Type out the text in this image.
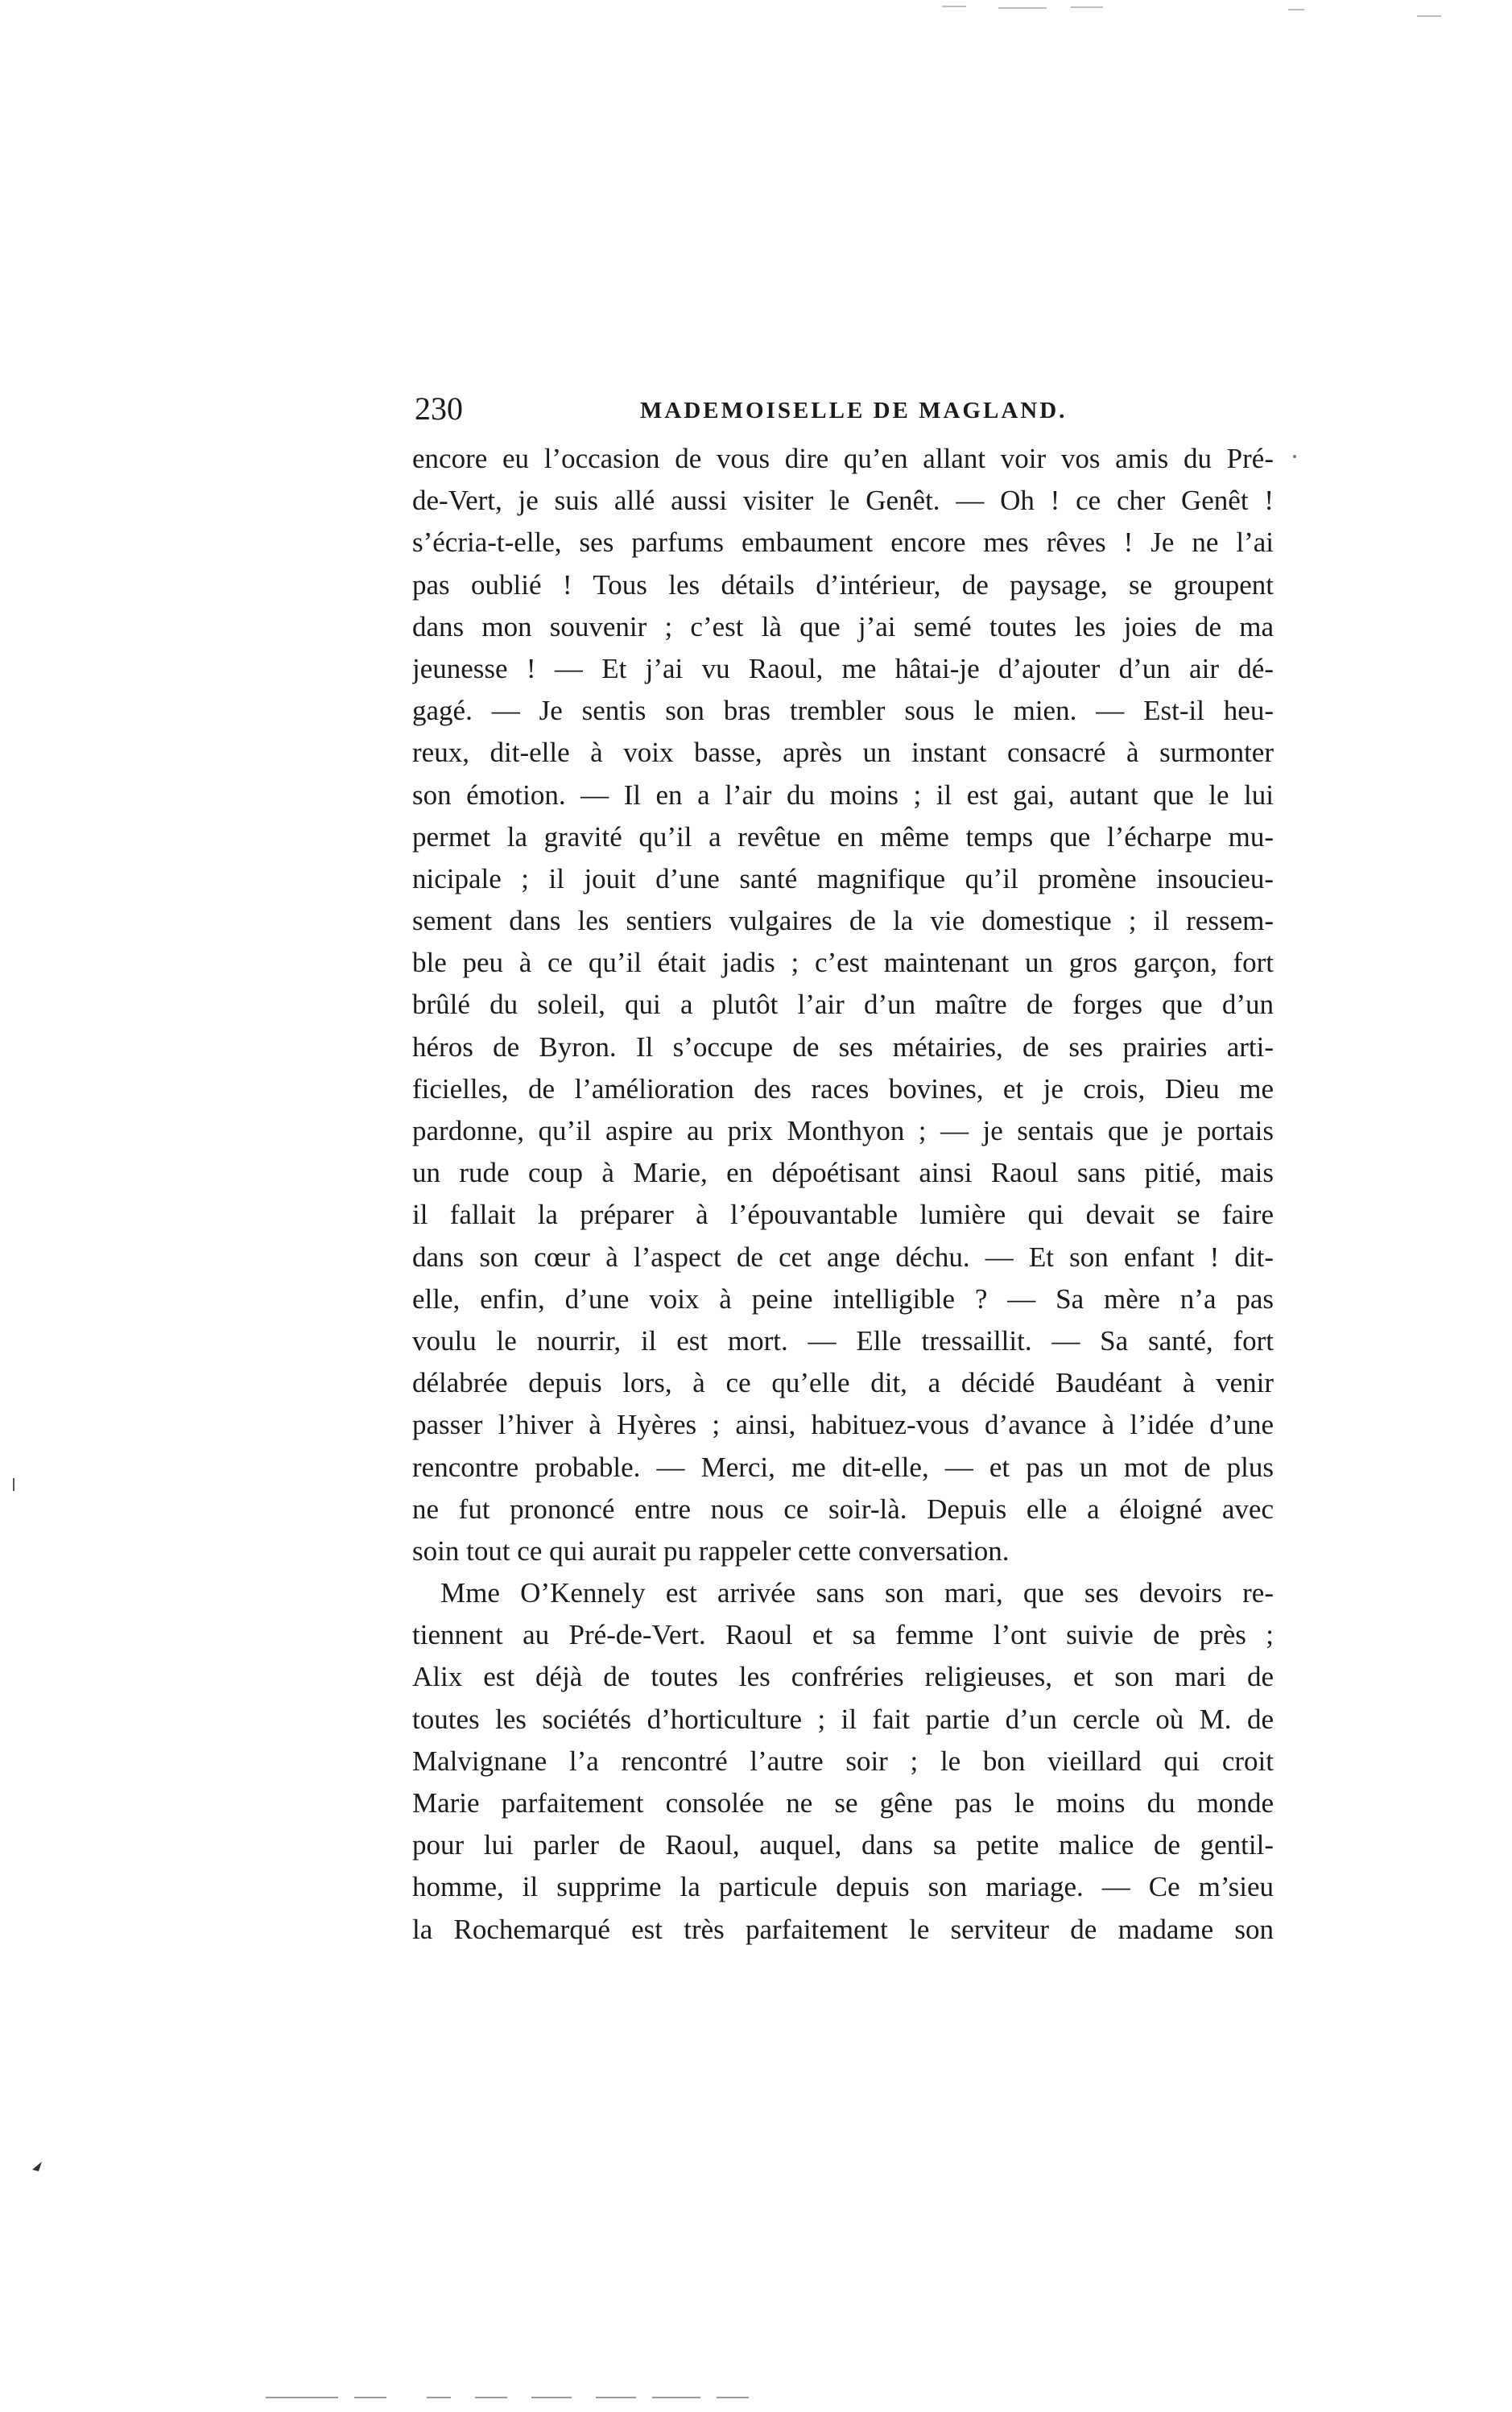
230	MADEMOISELLE DE MAGLAND.
encore eu l’occasion de vous dire qu’en allant voir vos amis du Pré-
de-Vert, je suis allé aussi visiter le Genêt. — Oh ! ce cher Genêt !
s’écria-t-elle, ses parfums embaument encore mes rêves ! Je ne l’ai
pas oublié ! Tous les détails d’intérieur, de paysage, se groupent
dans mon souvenir ; c’est là que j’ai semé toutes les joies de ma
jeunesse ! — Et j’ai vu Raoul, me hâtai-je d’ajouter d’un air dé-
gagé. — Je sentis son bras trembler sous le mien. — Est-il heu-
reux, dit-elle à voix basse, après un instant consacré à surmonter
son émotion. — Il en a l’air du moins ; il est gai, autant que le lui
permet la gravité qu’il a revêtue en même temps que l’écharpe mu-
nicipale ; il jouit d’une santé magnifique qu’il promène insoucieu-
sement dans les sentiers vulgaires de la vie domestique ; il ressem-
ble peu à ce qu’il était jadis ; c’est maintenant un gros garçon, fort
brûlé du soleil, qui a plutôt l’air d’un maître de forges que d’un
héros de Byron. Il s’occupe de ses métairies, de ses prairies arti-
ficielles, de l’amélioration des races bovines, et je crois, Dieu me
pardonne, qu’il aspire au prix Monthyon ; — je sentais que je portais
un rude coup à Marie, en dépoétisant ainsi Raoul sans pitié, mais
il fallait la préparer à l’épouvantable lumière qui devait se faire
dans son cœur à l’aspect de cet ange déchu. — Et son enfant ! dit-
elle, enfin, d’une voix à peine intelligible ? — Sa mère n’a pas
voulu le nourrir, il est mort. — Elle tressaillit. — Sa santé, fort
délabrée depuis lors, à ce qu’elle dit, a décidé Baudéant à venir
passer l’hiver à Hyères ; ainsi, habituez-vous d’avance à l’idée d’une
rencontre probable. — Merci, me dit-elle, — et pas un mot de plus
ne fut prononcé entre nous ce soir-là. Depuis elle a éloigné avec
soin tout ce qui aurait pu rappeler cette conversation.
Mme O’Kennely est arrivée sans son mari, que ses devoirs re-
tiennent au Pré-de-Vert. Raoul et sa femme l’ont suivie de près ;
Alix est déjà de toutes les confréries religieuses, et son mari de
toutes les sociétés d’horticulture ; il fait partie d’un cercle où M. de
Malvignane l’a rencontré l’autre soir ; le bon vieillard qui croit
Marie parfaitement consolée ne se gêne pas le moins du monde
pour lui parler de Raoul, auquel, dans sa petite malice de gentil-
homme, il supprime la particule depuis son mariage. — Ce m’sieu
la Rochemarqué est très parfaitement le serviteur de madame son
